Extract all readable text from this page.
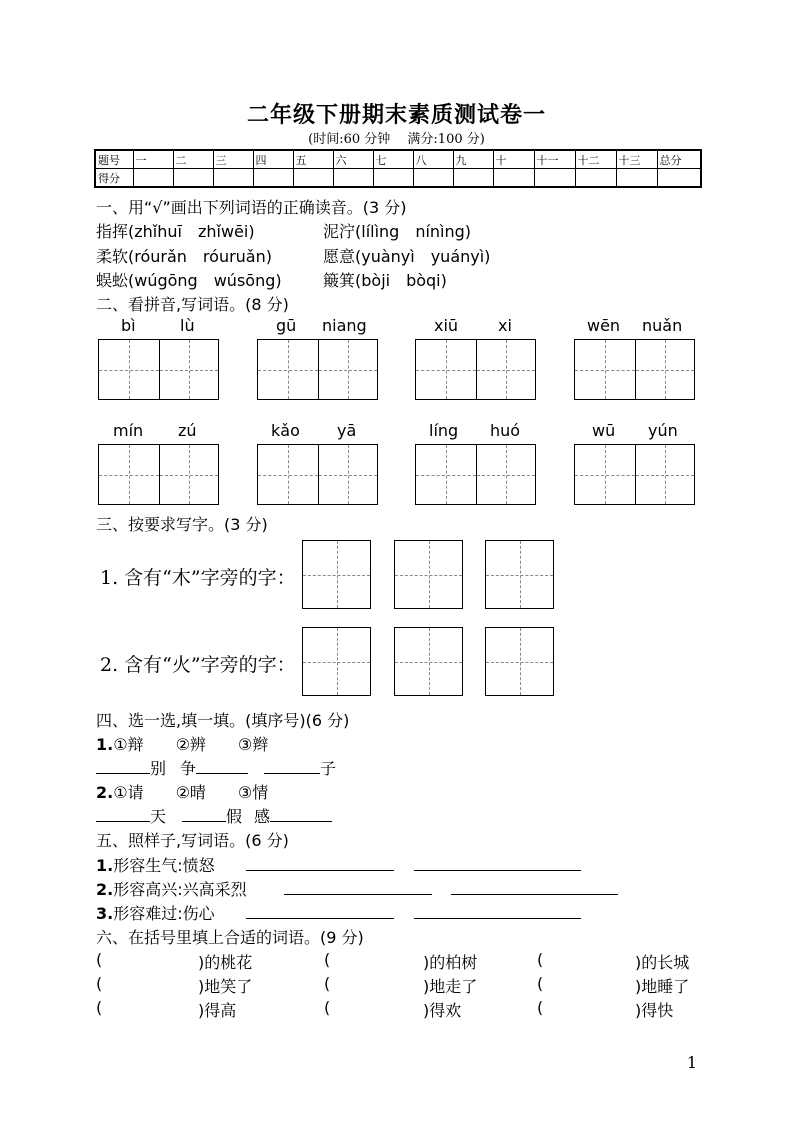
二年级下册期末素质测试卷一
(时间:60 分钟　 满分:100 分)
题号	一	二	三	四	五	六	七	八	九	十	十一	十二	十三	总分
得分														
一、用“√”画出下列词语的正确读音。(3 分)
指挥(zhǐhuī　zhǐwēi)	泥泞(lílìng　nínìng)
柔软(róurǎn　róuruǎn)	愿意(yuànyì　yuányì)
蜈蚣(wúgōng　wúsōng)	簸箕(bòji　bòqi)
二、看拼音,写词语。(8 分)
bì	lù	gū niang	xiū xi	wēn nuǎn
mín zú	kǎo yā	líng huó	wū yún
三、按要求写字。(3 分)
1. 含有“木”字旁的字：
2. 含有“火”字旁的字：
四、选一选,填一填。(填序号)(6 分)
1.①辩　　②辨　　③辫
别 争	子
2.①请　　②晴　　③情
天	假 感
五、照样子,写词语。(6 分)
1.形容生气:愤怒
2.形容高兴:兴高采烈
3.形容难过:伤心
六、在括号里填上合适的词语。(9 分)
(	)的桃花	(	)的柏树	(	)的长城
(	)地笑了	(	)地走了	(	)地睡了
(	)得高	(	)得欢	(	)得快
1
